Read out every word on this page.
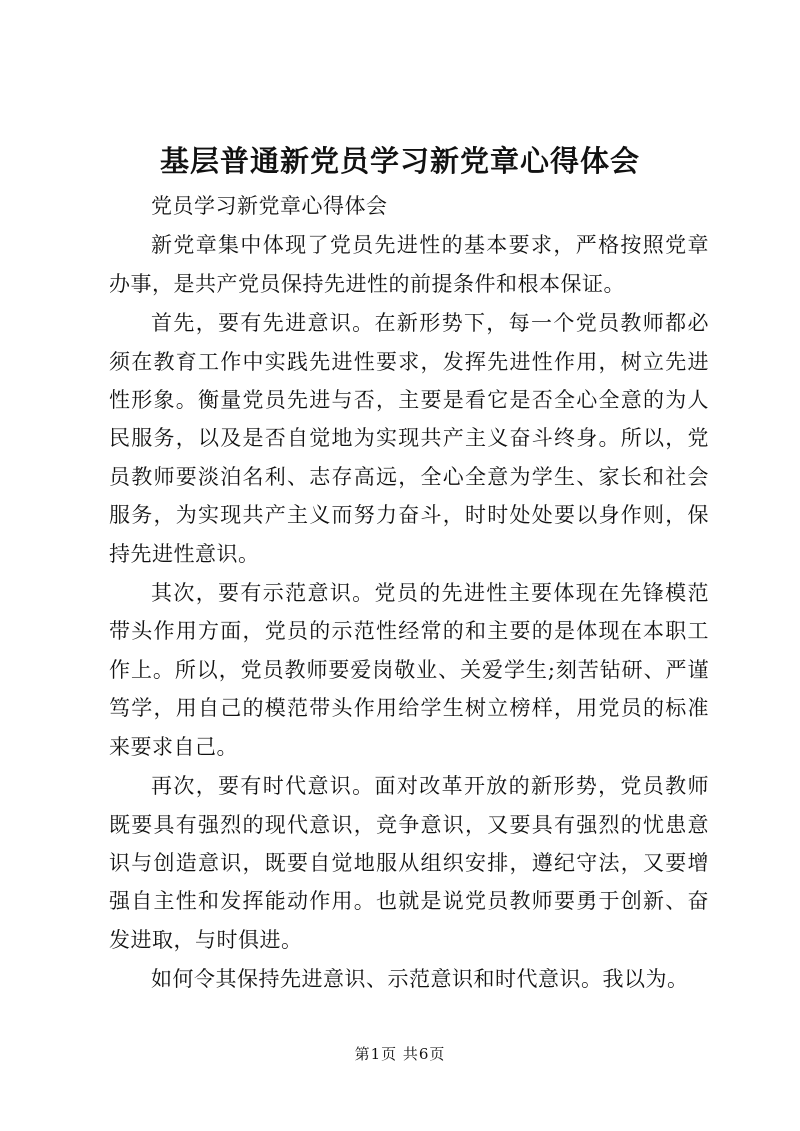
基层普通新党员学习新党章心得体会

党员学习新党章心得体会

新党章集中体现了党员先进性的基本要求，严格按照党章办事，是共产党员保持先进性的前提条件和根本保证。

首先，要有先进意识。在新形势下，每一个党员教师都必须在教育工作中实践先进性要求，发挥先进性作用，树立先进性形象。衡量党员先进与否，主要是看它是否全心全意的为人民服务，以及是否自觉地为实现共产主义奋斗终身。所以，党员教师要淡泊名利、志存高远，全心全意为学生、家长和社会服务，为实现共产主义而努力奋斗，时时处处要以身作则，保持先进性意识。

其次，要有示范意识。党员的先进性主要体现在先锋模范带头作用方面，党员的示范性经常的和主要的是体现在本职工作上。所以，党员教师要爱岗敬业、关爱学生;刻苦钻研、严谨笃学，用自己的模范带头作用给学生树立榜样，用党员的标准来要求自己。

再次，要有时代意识。面对改革开放的新形势，党员教师既要具有强烈的现代意识，竞争意识，又要具有强烈的忧患意识与创造意识，既要自觉地服从组织安排，遵纪守法，又要增强自主性和发挥能动作用。也就是说党员教师要勇于创新、奋发进取，与时俱进。

如何令其保持先进意识、示范意识和时代意识。我以为。

第1页 共6页
